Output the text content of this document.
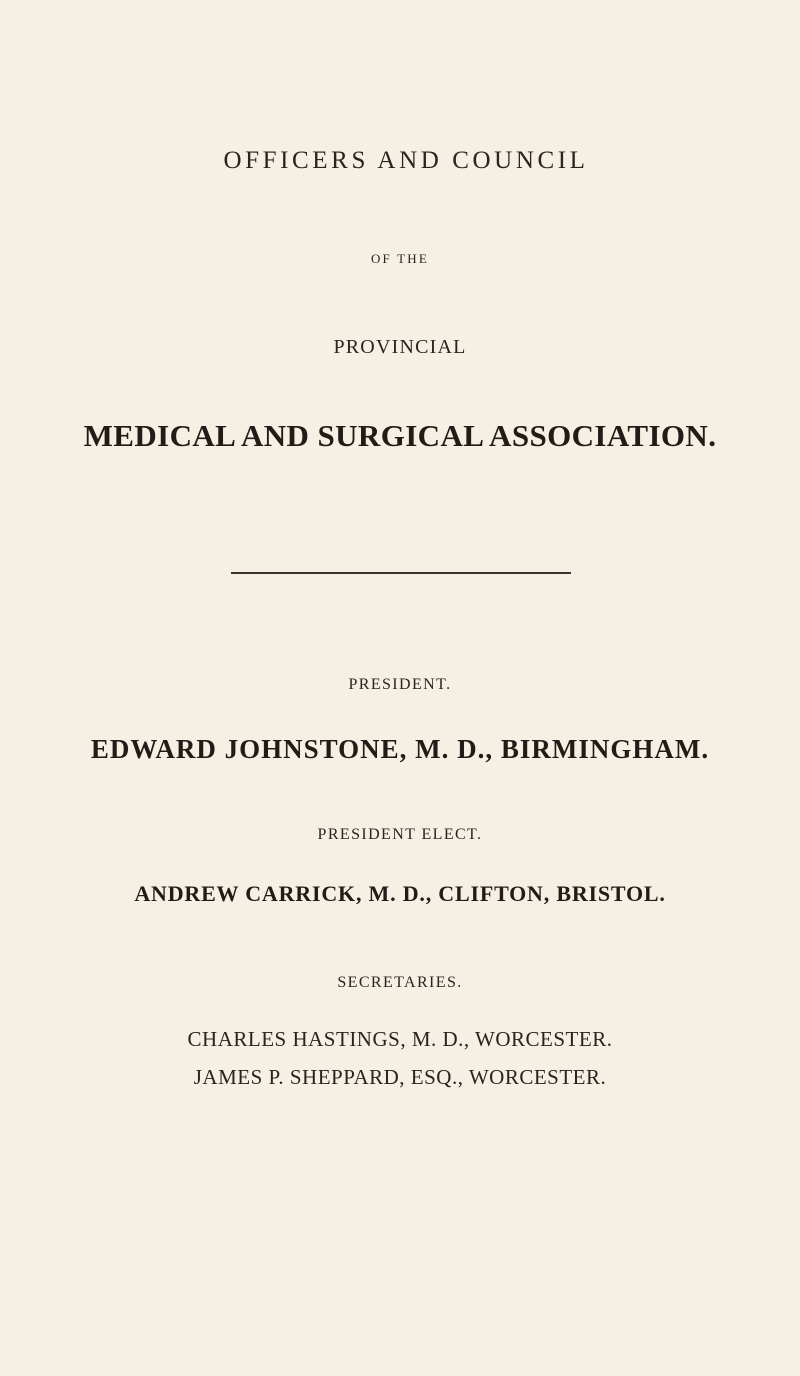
OFFICERS AND COUNCIL
OF THE
PROVINCIAL
MEDICAL AND SURGICAL ASSOCIATION.
PRESIDENT.
EDWARD JOHNSTONE, M. D., BIRMINGHAM.
PRESIDENT ELECT.
ANDREW CARRICK, M. D., CLIFTON, BRISTOL.
SECRETARIES.
CHARLES HASTINGS, M. D., WORCESTER.
JAMES P. SHEPPARD, ESQ., WORCESTER.
